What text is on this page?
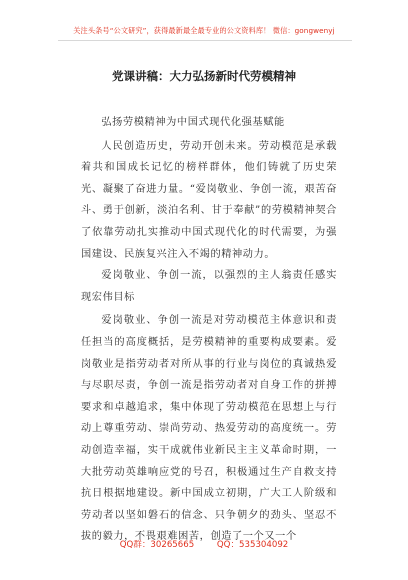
关注头条号“公文研究”，获得最新最全最专业的公文资料库！ 微信：gongwenyj
党课讲稿：大力弘扬新时代劳模精神

弘扬劳模精神为中国式现代化强基赋能

人民创造历史，劳动开创未来。劳动模范是承载着共和国成长记忆的榜样群体，他们铸就了历史荣光、凝聚了奋进力量。“爱岗敬业、争创一流，艰苦奋斗、勇于创新，淡泊名利、甘于奉献”的劳模精神契合了依靠劳动扎实推动中国式现代化的时代需要，为强国建设、民族复兴注入不竭的精神动力。

爱岗敬业、争创一流，以强烈的主人翁责任感实现宏伟目标

爱岗敬业、争创一流是对劳动模范主体意识和责任担当的高度概括，是劳模精神的重要构成要素。爱岗敬业是指劳动者对所从事的行业与岗位的真诚热爱与尽职尽责，争创一流是指劳动者对自身工作的拼搏要求和卓越追求，集中体现了劳动模范在思想上与行动上尊重劳动、崇尚劳动、热爱劳动的高度统一。劳动创造幸福，实干成就伟业新民主主义革命时期，一大批劳动英雄响应党的号召，积极通过生产自救支持抗日根据地建设。新中国成立初期，广大工人阶级和劳动者以坚如磐石的信念、只争朝夕的劲头、坚忍不拔的毅力，不畏艰难困苦，创造了一个又一个

QQ群：30265665	QQ：535304092
